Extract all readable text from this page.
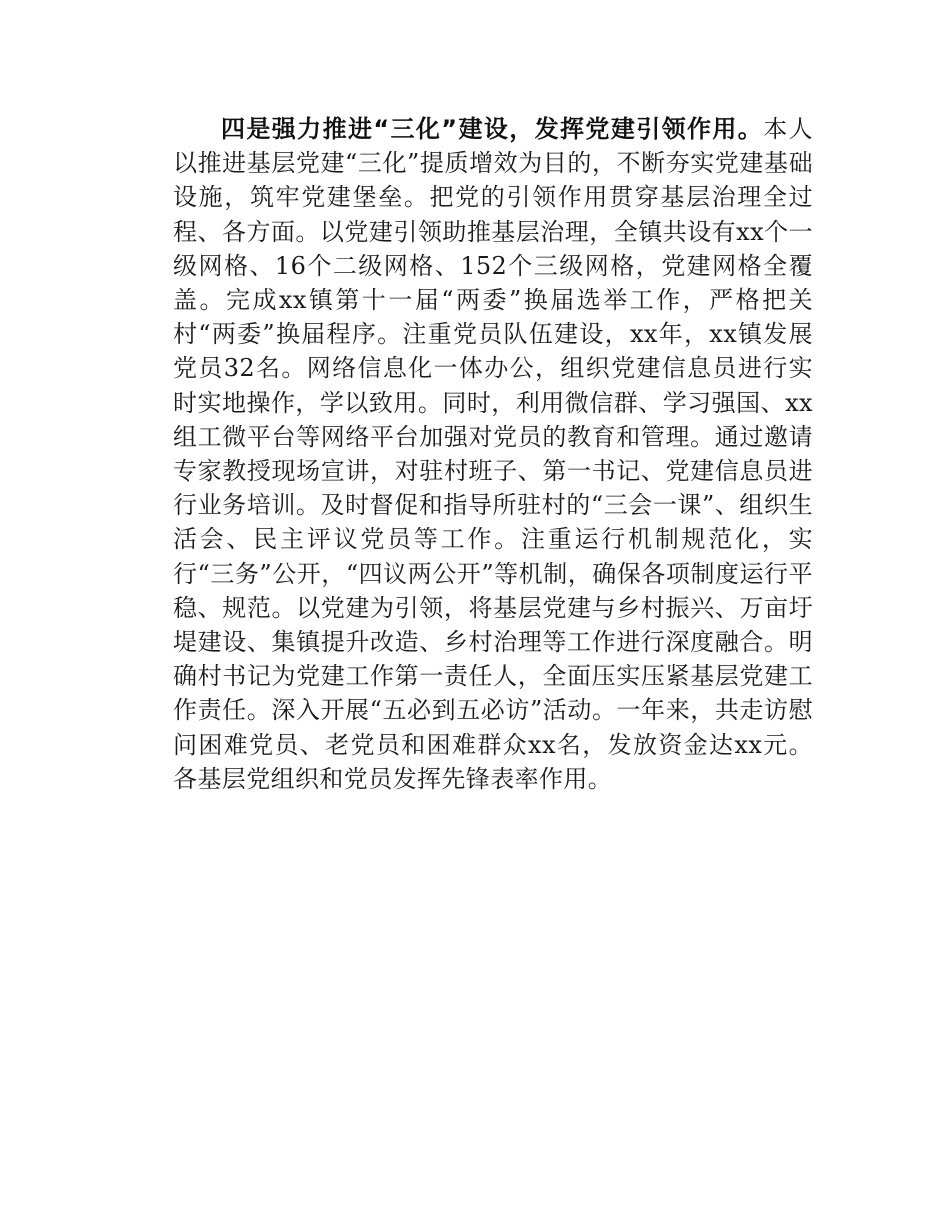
四是强力推进“三化”建设，发挥党建引领作用。本人以推进基层党建“三化”提质增效为目的，不断夯实党建基础设施，筑牢党建堡垒。把党的引领作用贯穿基层治理全过程、各方面。以党建引领助推基层治理，全镇共设有xx个一级网格、16个二级网格、152个三级网格，党建网格全覆盖。完成xx镇第十一届“两委”换届选举工作，严格把关村“两委”换届程序。注重党员队伍建设，xx年，xx镇发展党员32名。网络信息化一体办公，组织党建信息员进行实时实地操作，学以致用。同时，利用微信群、学习强国、xx组工微平台等网络平台加强对党员的教育和管理。通过邀请专家教授现场宣讲，对驻村班子、第一书记、党建信息员进行业务培训。及时督促和指导所驻村的“三会一课”、组织生活会、民主评议党员等工作。注重运行机制规范化，实行“三务”公开，“四议两公开”等机制，确保各项制度运行平稳、规范。以党建为引领，将基层党建与乡村振兴、万亩圩堤建设、集镇提升改造、乡村治理等工作进行深度融合。明确村书记为党建工作第一责任人，全面压实压紧基层党建工作责任。深入开展“五必到五必访”活动。一年来，共走访慰问困难党员、老党员和困难群众xx名，发放资金达xx元。各基层党组织和党员发挥先锋表率作用。
